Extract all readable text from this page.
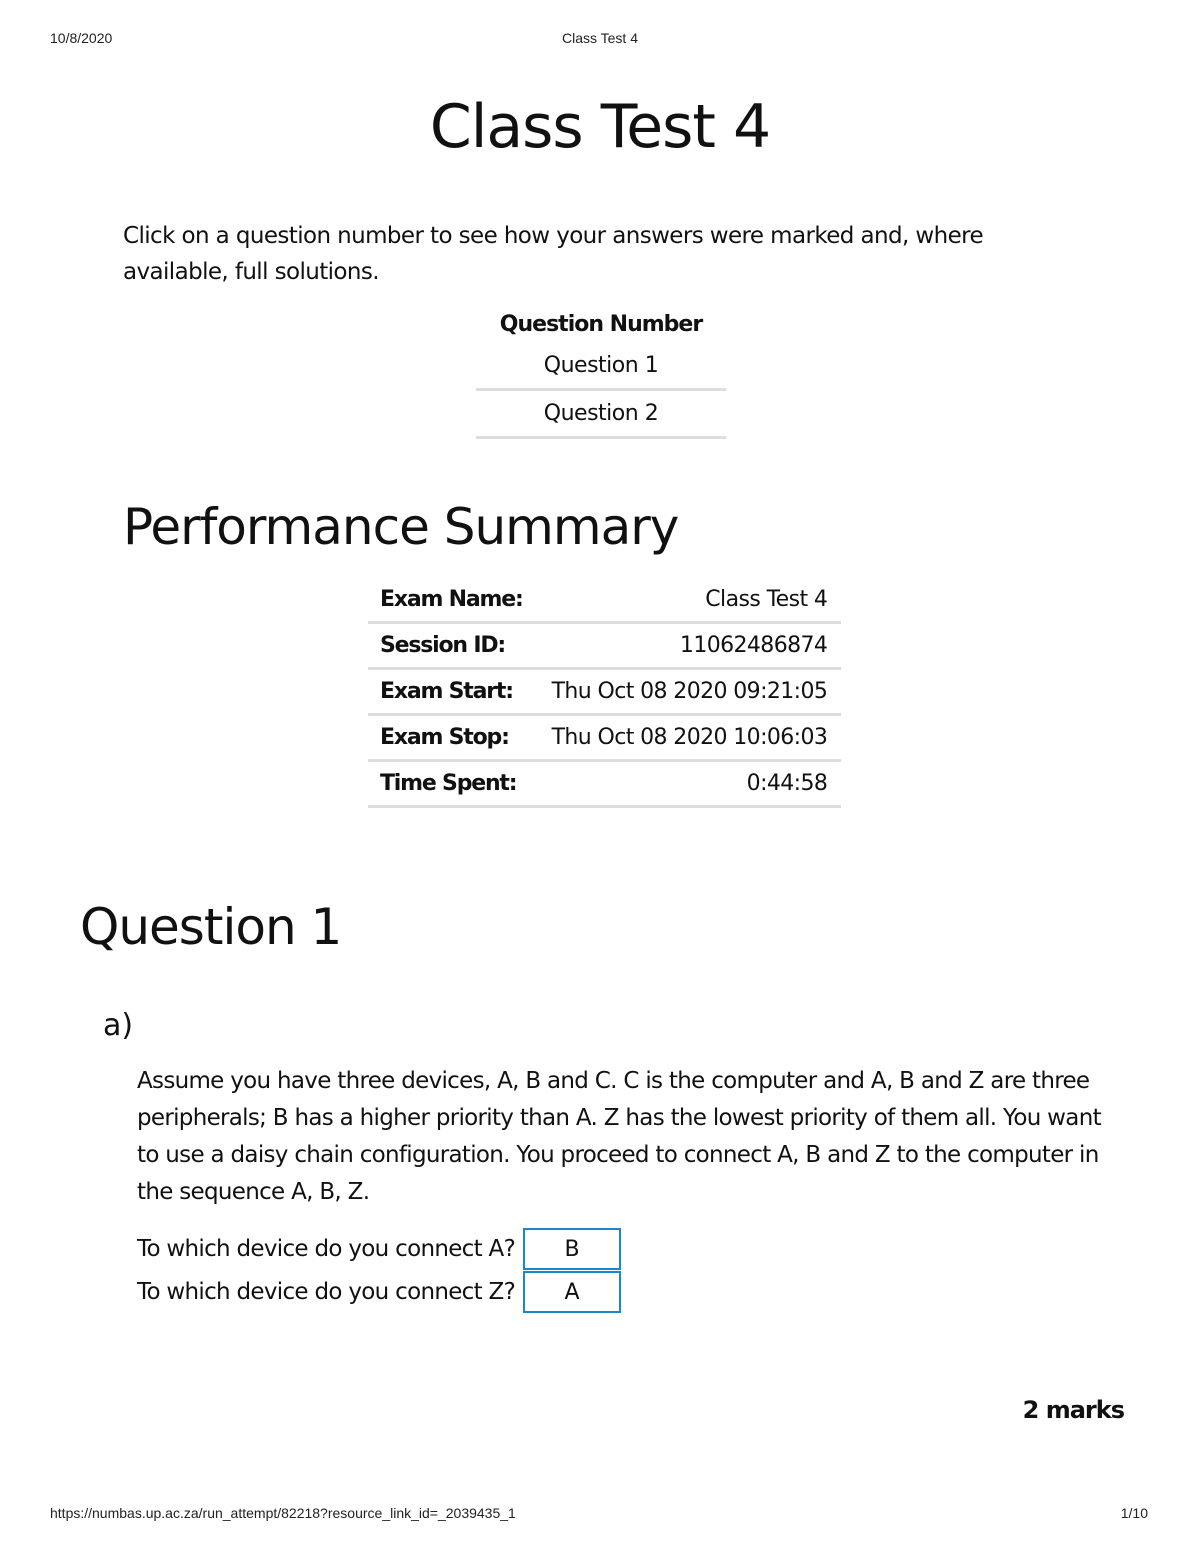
10/8/2020	Class Test 4
Class Test 4

Click on a question number to see how your answers were marked and, where available, full solutions.

Question Number
Question 1
Question 2
Performance Summary
Exam Name:	Class Test 4
Session ID:	11062486874
Exam Start:	Thu Oct 08 2020 09:21:05
Exam Stop:	Thu Oct 08 2020 10:06:03
Time Spent:	0:44:58
Question 1
a)

Assume you have three devices, A, B and C. C is the computer and A, B and Z are three peripherals; B has a higher priority than A. Z has the lowest priority of them all. You want to use a daisy chain configuration. You proceed to connect A, B and Z to the computer in the sequence A, B, Z.

To which device do you connect A?
B
To which device do you connect Z?
A
2 marks
https://numbas.up.ac.za/run_attempt/82218?resource_link_id=_2039435_1	1/10
